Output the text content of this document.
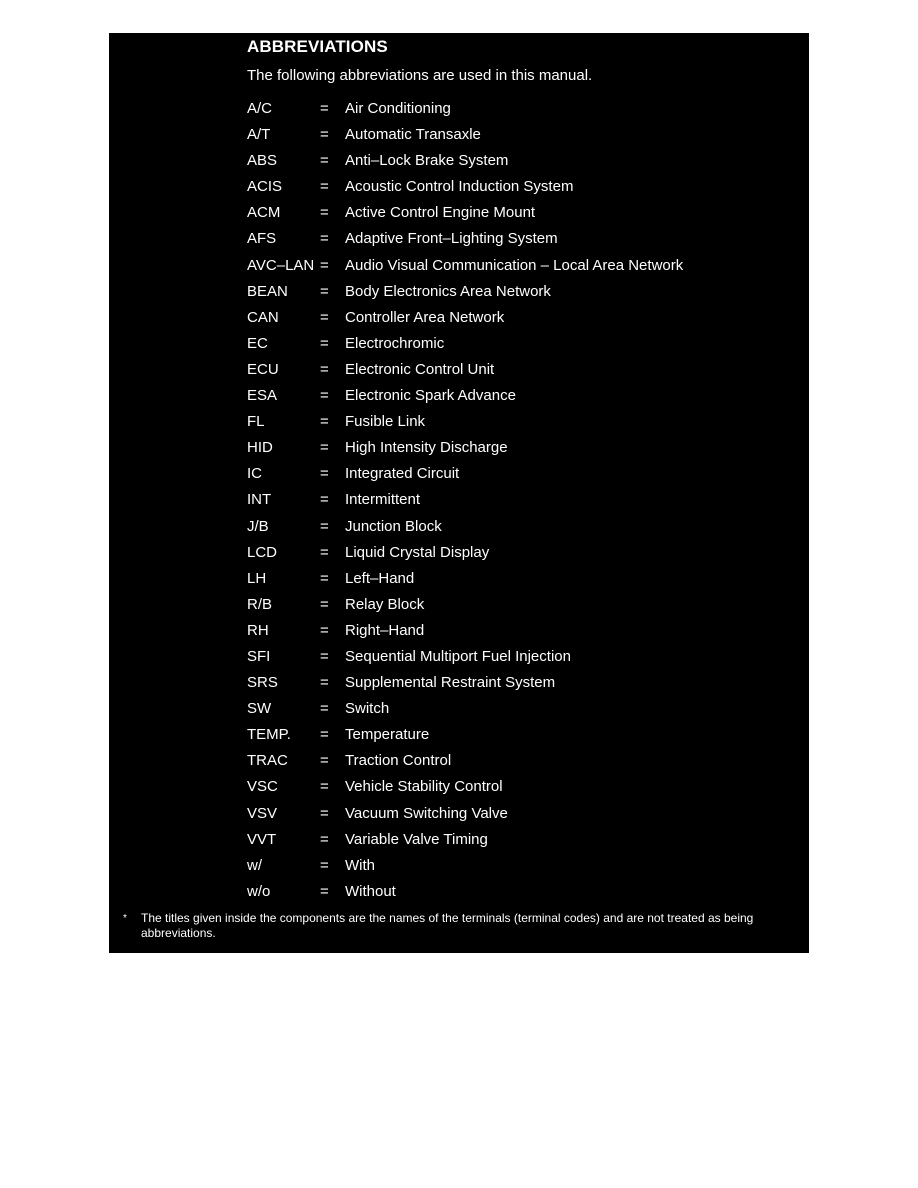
ABBREVIATIONS
The following abbreviations are used in this manual.
A/C	= Air Conditioning
A/T	= Automatic Transaxle
ABS	= Anti–Lock Brake System
ACIS	= Acoustic Control Induction System
ACM	= Active Control Engine Mount
AFS	= Adaptive Front–Lighting System
AVC–LAN = Audio Visual Communication – Local Area Network
BEAN = Body Electronics Area Network
CAN	= Controller Area Network
EC	= Electrochromic
ECU	= Electronic Control Unit
ESA	= Electronic Spark Advance
FL	= Fusible Link
HID	= High Intensity Discharge
IC	= Integrated Circuit
INT	= Intermittent
J/B	= Junction Block
LCD	= Liquid Crystal Display
LH	= Left–Hand
R/B	= Relay Block
RH	= Right–Hand
SFI	= Sequential Multiport Fuel Injection
SRS	= Supplemental Restraint System
SW	= Switch
TEMP. = Temperature
TRAC = Traction Control
VSC	= Vehicle Stability Control
VSV	= Vacuum Switching Valve
VVT	= Variable Valve Timing
w/	= With
w/o	= Without
* The titles given inside the components are the names of the terminals (terminal codes) and are not treated as being abbreviations.
